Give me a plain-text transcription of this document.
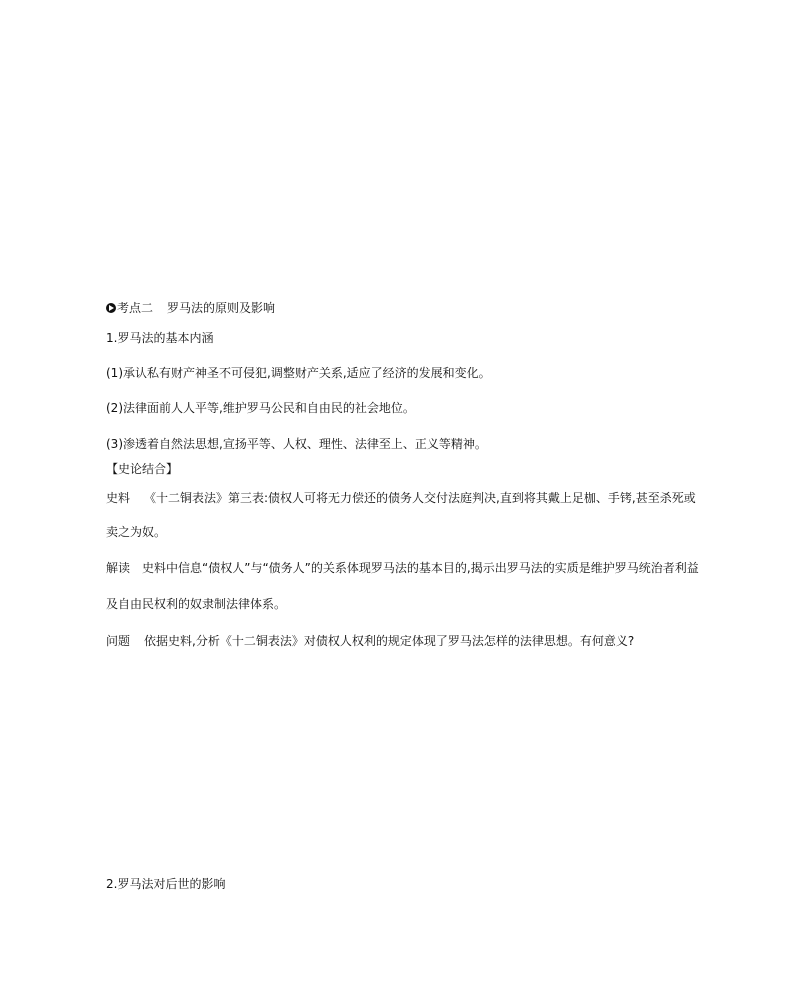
考点二 罗马法的原则及影响
1.罗马法的基本内涵
(1)承认私有财产神圣不可侵犯,调整财产关系,适应了经济的发展和变化。
(2)法律面前人人平等,维护罗马公民和自由民的社会地位。
(3)渗透着自然法思想,宣扬平等、人权、理性、法律至上、正义等精神。
【史论结合】
史料 《十二铜表法》第三表:债权人可将无力偿还的债务人交付法庭判决,直到将其戴上足枷、手铐,甚至杀死或
卖之为奴。
解读 史料中信息“债权人”与“债务人”的关系体现罗马法的基本目的,揭示出罗马法的实质是维护罗马统治者利益
及自由民权利的奴隶制法律体系。
问题 依据史料,分析《十二铜表法》对债权人权利的规定体现了罗马法怎样的法律思想。有何意义?
2.罗马法对后世的影响
